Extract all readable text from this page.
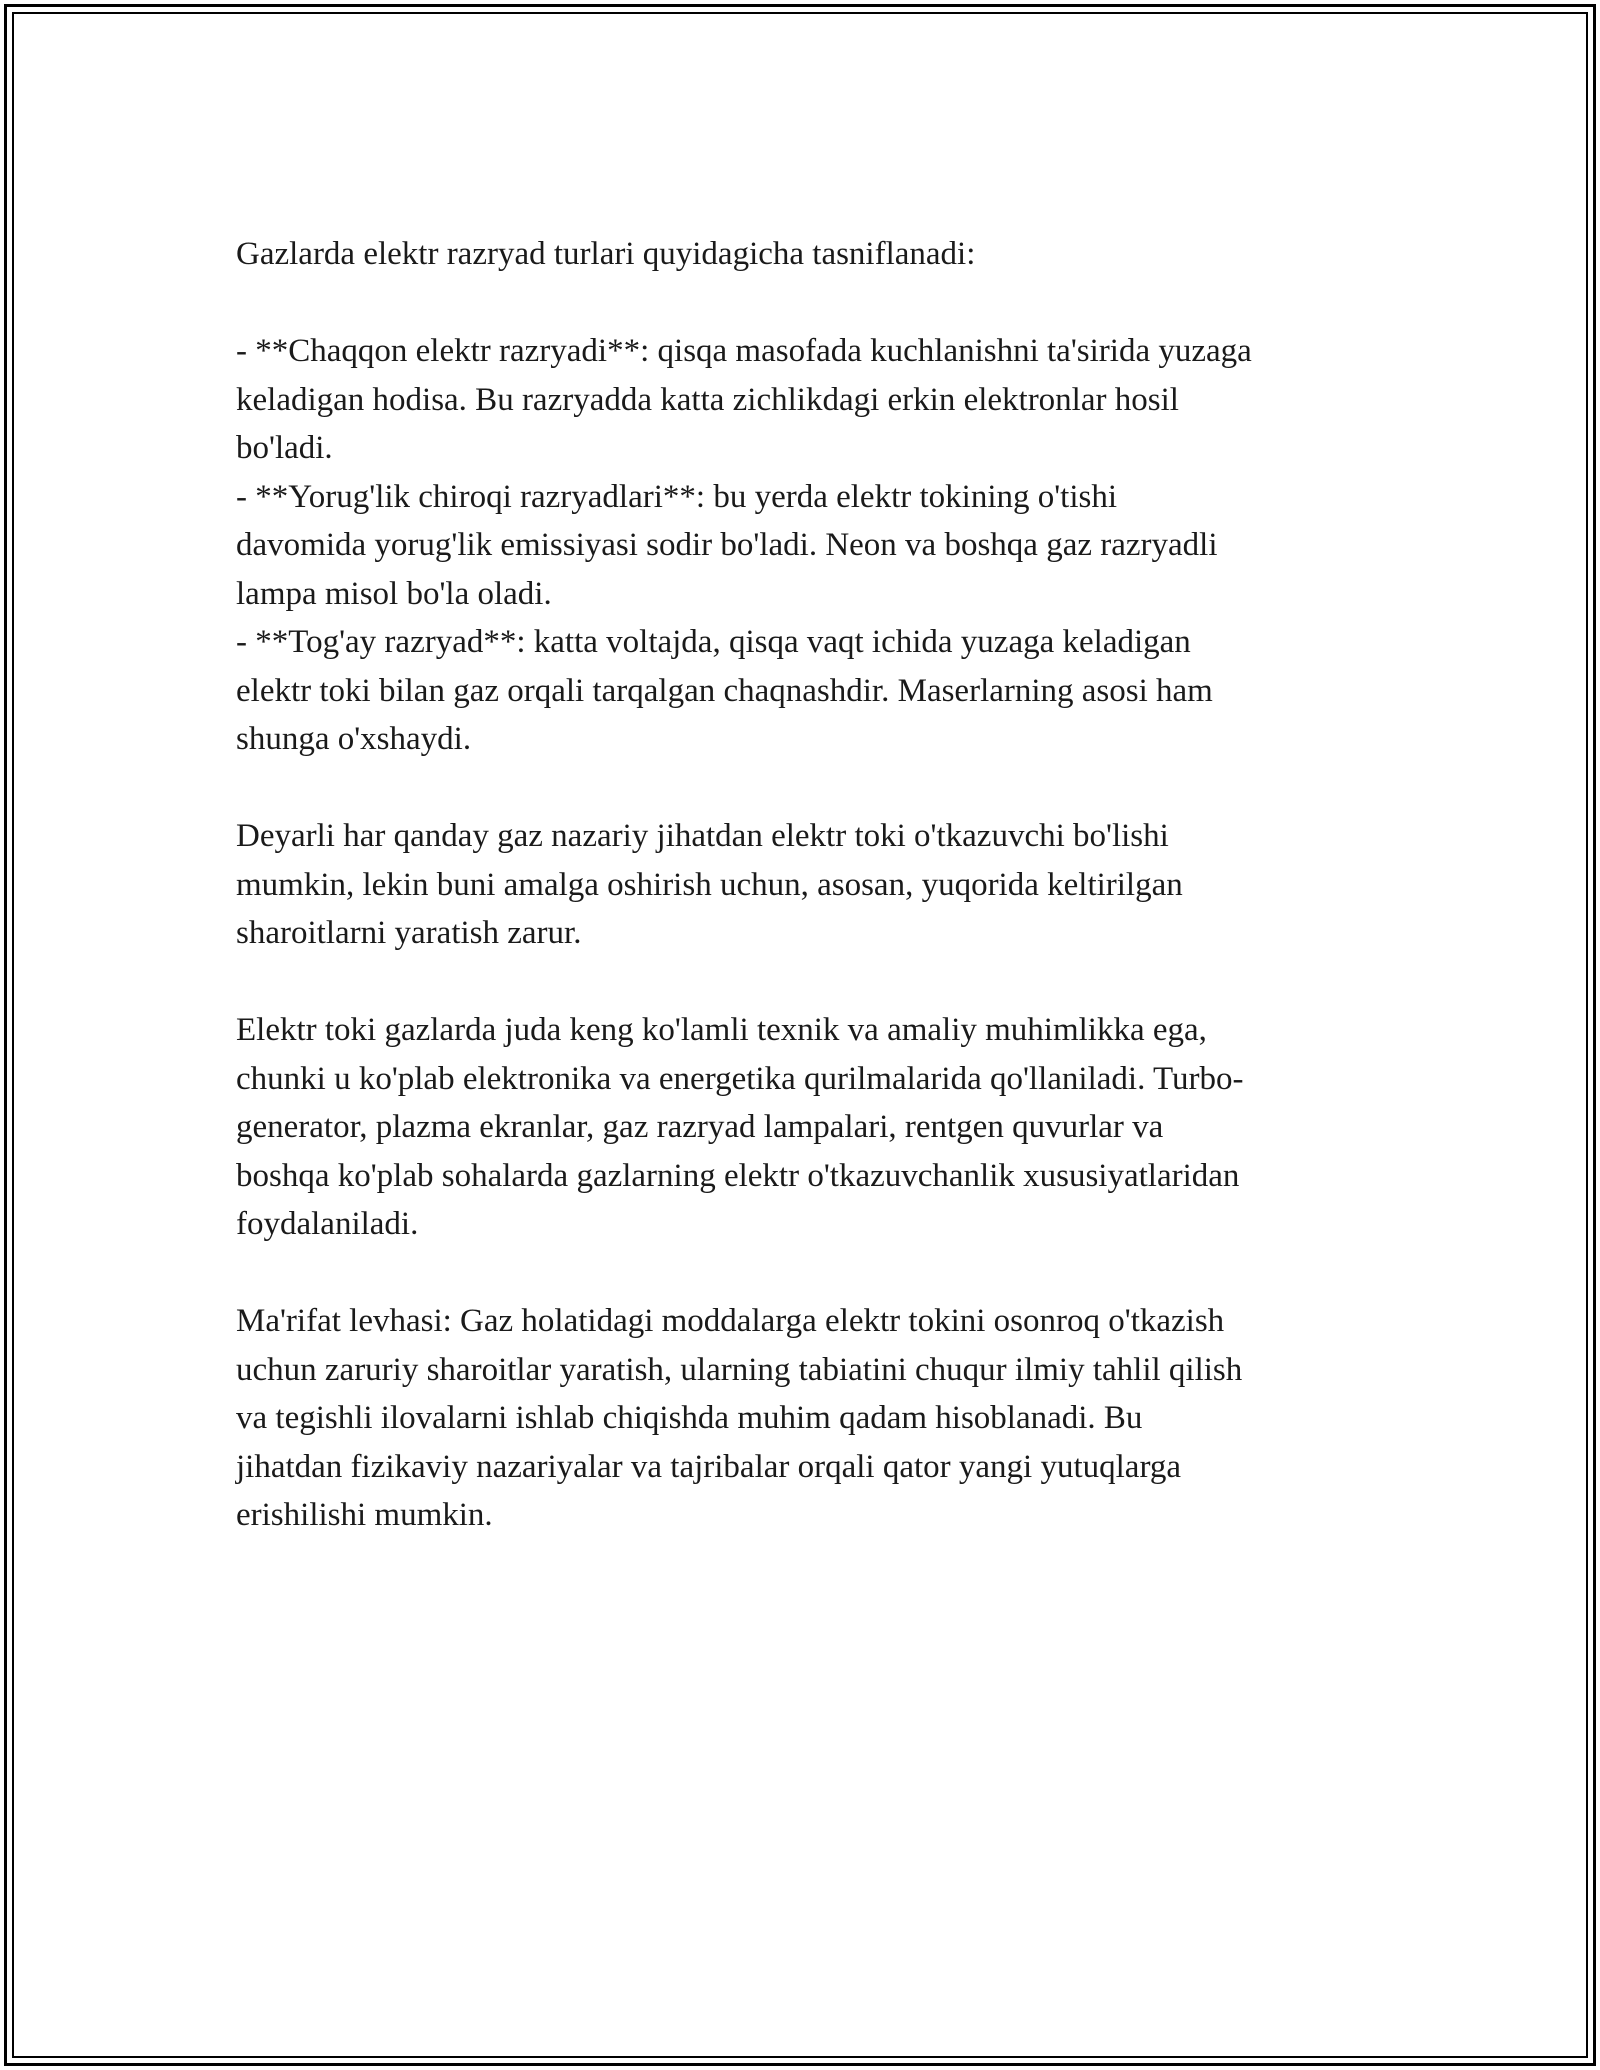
Gazlarda elektr razryad turlari quyidagicha tasniflanadi:

- **Chaqqon elektr razryadi**: qisqa masofada kuchlanishni ta'sirida yuzaga
keladigan hodisa. Bu razryadda katta zichlikdagi erkin elektronlar hosil
bo'ladi.

- **Yorug'lik chiroqi razryadlari**: bu yerda elektr tokining o'tishi
davomida yorug'lik emissiyasi sodir bo'ladi. Neon va boshqa gaz razryadli
lampa misol bo'la oladi.

- **Tog'ay razryad**: katta voltajda, qisqa vaqt ichida yuzaga keladigan
elektr toki bilan gaz orqali tarqalgan chaqnashdir. Maserlarning asosi ham
shunga o'xshaydi.

Deyarli har qanday gaz nazariy jihatdan elektr toki o'tkazuvchi bo'lishi
mumkin, lekin buni amalga oshirish uchun, asosan, yuqorida keltirilgan
sharoitlarni yaratish zarur.

Elektr toki gazlarda juda keng ko'lamli texnik va amaliy muhimlikka ega,
chunki u ko'plab elektronika va energetika qurilmalarida qo'llaniladi. Turbo-
generator, plazma ekranlar, gaz razryad lampalari, rentgen quvurlar va
boshqa ko'plab sohalarda gazlarning elektr o'tkazuvchanlik xususiyatlaridan
foydalaniladi.

Ma'rifat levhasi: Gaz holatidagi moddalarga elektr tokini osonroq o'tkazish
uchun zaruriy sharoitlar yaratish, ularning tabiatini chuqur ilmiy tahlil qilish
va tegishli ilovalarni ishlab chiqishda muhim qadam hisoblanadi. Bu
jihatdan fizikaviy nazariyalar va tajribalar orqali qator yangi yutuqlarga
erishilishi mumkin.
